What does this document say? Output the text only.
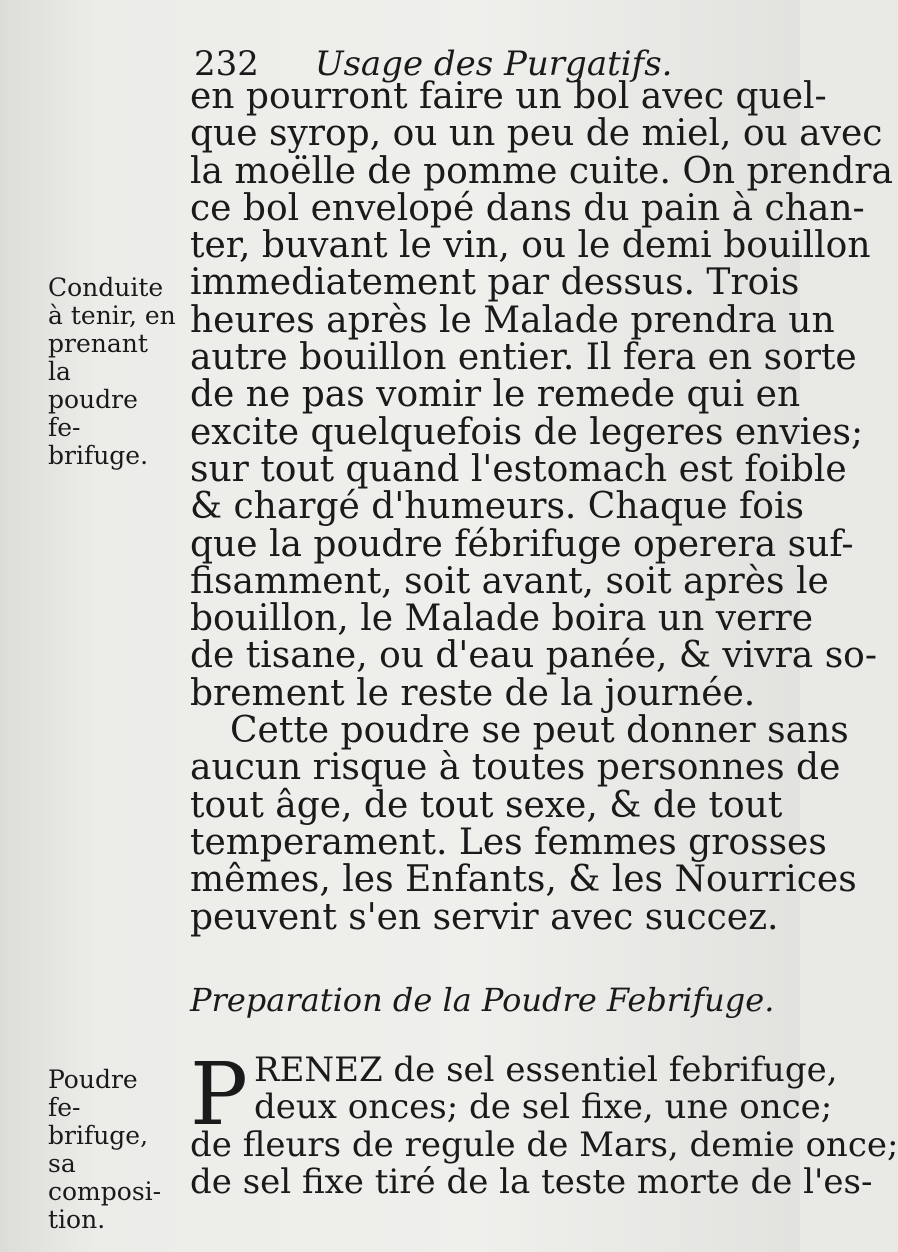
232 Usage des Purgatifs.
Conduite
à tenir, en
prenant la
poudre fe-
brifuge.
en pourront faire un bol avec quel-
que syrop, ou un peu de miel, ou avec
la moëlle de pomme cuite. On prendra
ce bol envelopé dans du pain à chan-
ter, buvant le vin, ou le demi bouillon
immediatement par dessus. Trois
heures après le Malade prendra un
autre bouillon entier. Il fera en sorte
de ne pas vomir le remede qui en
excite quelquefois de legeres envies;
sur tout quand l'estomach est foible
& chargé d'humeurs. Chaque fois
que la poudre fébrifuge operera suf-
fisamment, soit avant, soit après le
bouillon, le Malade boira un verre
de tisane, ou d'eau panée, & vivra so-
brement le reste de la journée.
Cette poudre se peut donner sans
aucun risque à toutes personnes de
tout âge, de tout sexe, & de tout
temperament. Les femmes grosses
mêmes, les Enfants, & les Nourrices
peuvent s'en servir avec succez.
Preparation de la Poudre Febrifuge.
Poudre fe-
brifuge, sa
composi-
tion.
P RENEZ de sel essentiel febrifuge,
deux onces; de sel fixe, une once;
de fleurs de regule de Mars, demie once;
de sel fixe tiré de la teste morte de l'es-
